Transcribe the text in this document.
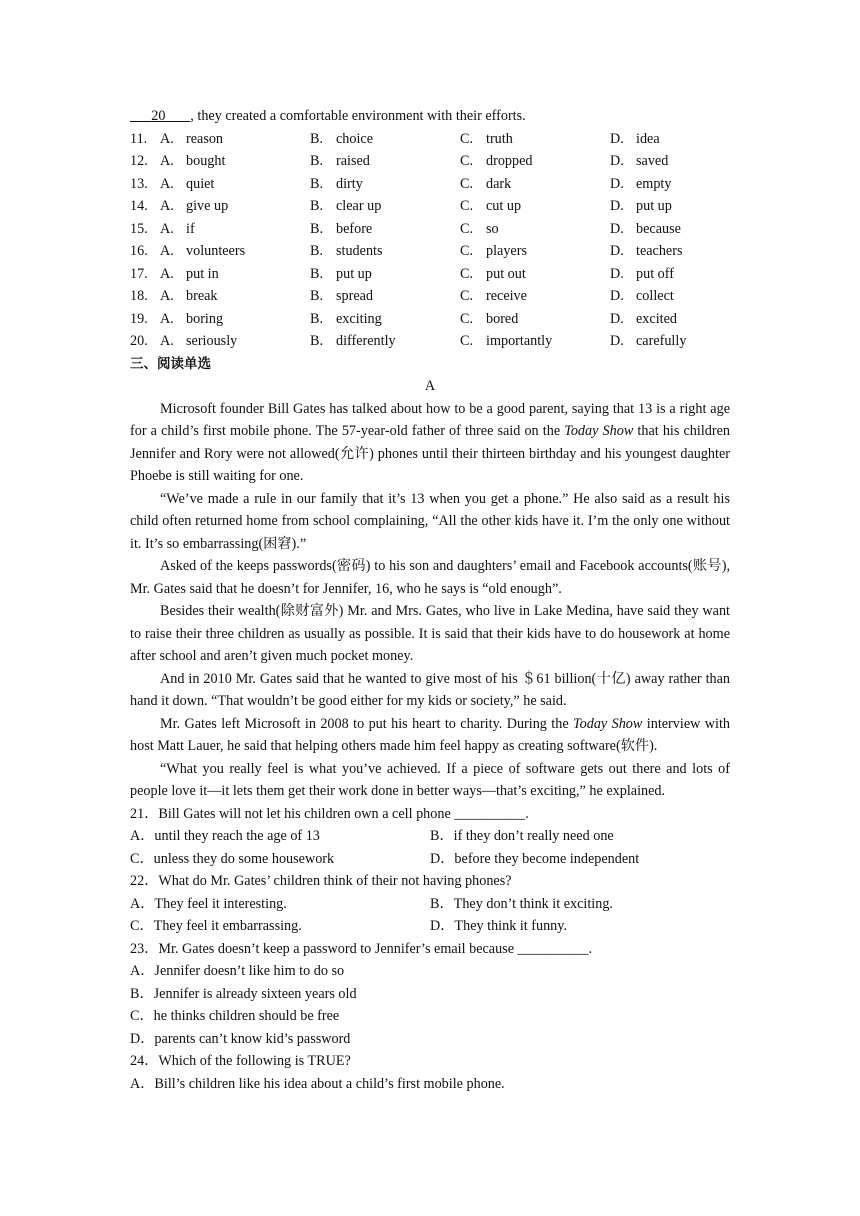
20 , they created a comfortable environment with their efforts.
11. A. reason	B. choice	C. truth	D. idea
12. A. bought	B. raised	C. dropped	D. saved
13. A. quiet	B. dirty	C. dark	D. empty
14. A. give up	B. clear up	C. cut up	D. put up
15. A. if	B. before	C. so	D. because
16. A. volunteers	B. students	C. players	D. teachers
17. A. put in	B. put up	C. put out	D. put off
18. A. break	B. spread	C. receive	D. collect
19. A. boring	B. exciting	C. bored	D. excited
20. A. seriously	B. differently	C. importantly	D. carefully
三、阅读单选
A
Microsoft founder Bill Gates has talked about how to be a good parent, saying that 13 is a right age for a child’s first mobile phone. The 57-year-old father of three said on the Today Show that his children Jennifer and Rory were not allowed(允许) phones until their thirteen birthday and his youngest daughter Phoebe is still waiting for one.
“We’ve made a rule in our family that it’s 13 when you get a phone.” He also said as a result his child often returned home from school complaining, “All the other kids have it. I’m the only one without it. It’s so embarrassing(困窘).”
Asked of the keeps passwords(密码) to his son and daughters’ email and Facebook accounts(账号), Mr. Gates said that he doesn’t for Jennifer, 16, who he says is “old enough”.
Besides their wealth(除财富外) Mr. and Mrs. Gates, who live in Lake Medina, have said they want to raise their three children as usually as possible. It is said that their kids have to do housework at home after school and aren’t given much pocket money.
And in 2010 Mr. Gates said that he wanted to give most of his ＄61 billion(十亿) away rather than hand it down. “That wouldn’t be good either for my kids or society,” he said.
Mr. Gates left Microsoft in 2008 to put his heart to charity. During the Today Show interview with host Matt Lauer, he said that helping others made him feel happy as creating software(软件).
“What you really feel is what you’ve achieved. If a piece of software gets out there and lots of people love it—it lets them get their work done in better ways—that’s exciting,” he explained.
21．Bill Gates will not let his children own a cell phone __________.
A．until they reach the age of 13	B．if they don’t really need one
C．unless they do some housework	D．before they become independent
22．What do Mr. Gates’ children think of their not having phones?
A．They feel it interesting.	B．They don’t think it exciting.
C．They feel it embarrassing.	D．They think it funny.
23．Mr. Gates doesn’t keep a password to Jennifer’s email because __________.
A．Jennifer doesn’t like him to do so
B．Jennifer is already sixteen years old
C．he thinks children should be free
D．parents can’t know kid’s password
24．Which of the following is TRUE?
A．Bill’s children like his idea about a child’s first mobile phone.
